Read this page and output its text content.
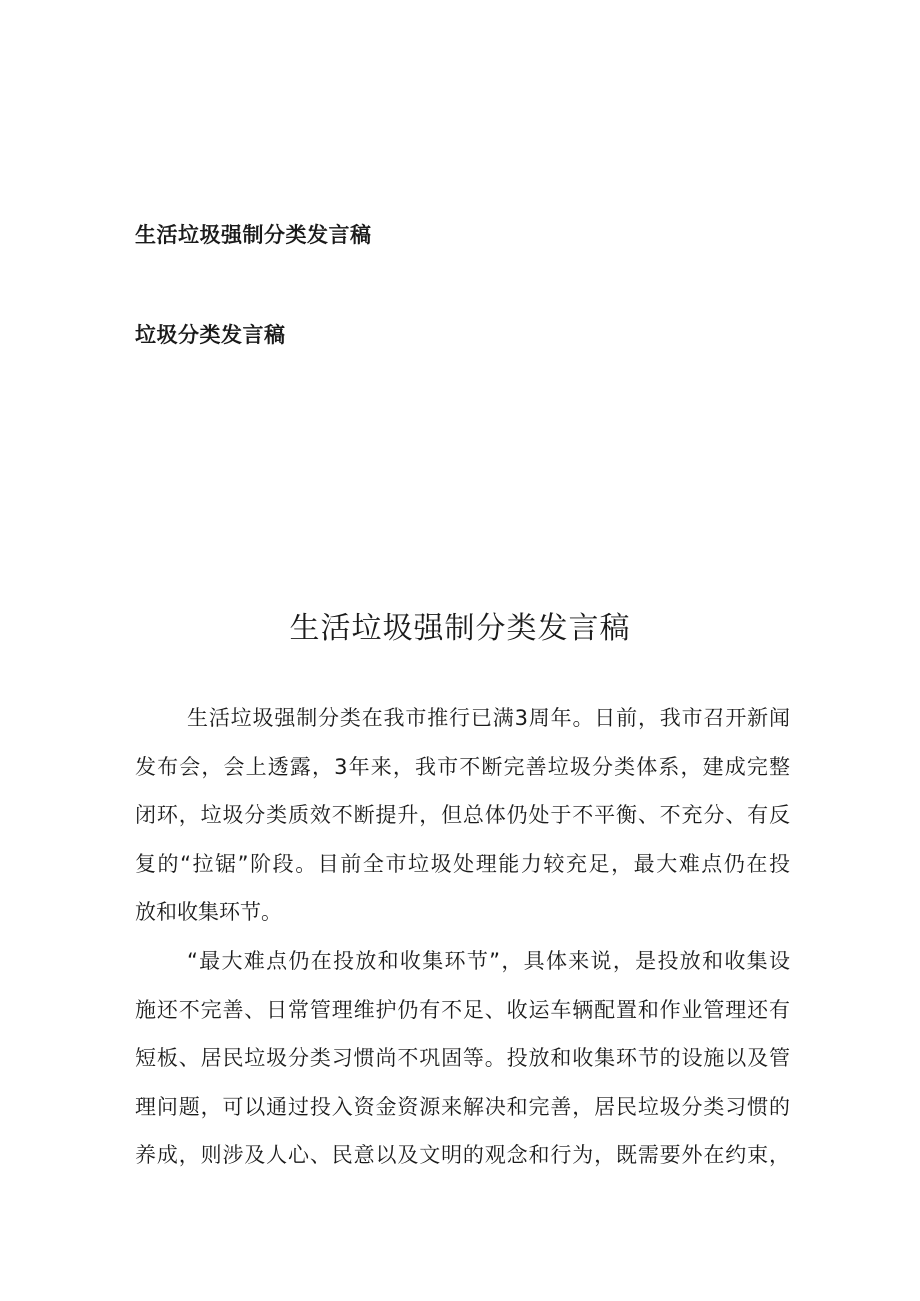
生活垃圾强制分类发言稿
垃圾分类发言稿
生活垃圾强制分类发言稿
生活垃圾强制分类在我市推行已满3周年。日前，我市召开新闻
发布会，会上透露，3年来，我市不断完善垃圾分类体系，建成完整
闭环，垃圾分类质效不断提升，但总体仍处于不平衡、不充分、有反
复的“拉锯”阶段。目前全市垃圾处理能力较充足，最大难点仍在投
放和收集环节。
“最大难点仍在投放和收集环节”，具体来说，是投放和收集设
施还不完善、日常管理维护仍有不足、收运车辆配置和作业管理还有
短板、居民垃圾分类习惯尚不巩固等。投放和收集环节的设施以及管
理问题，可以通过投入资金资源来解决和完善，居民垃圾分类习惯的
养成，则涉及人心、民意以及文明的观念和行为，既需要外在约束，
